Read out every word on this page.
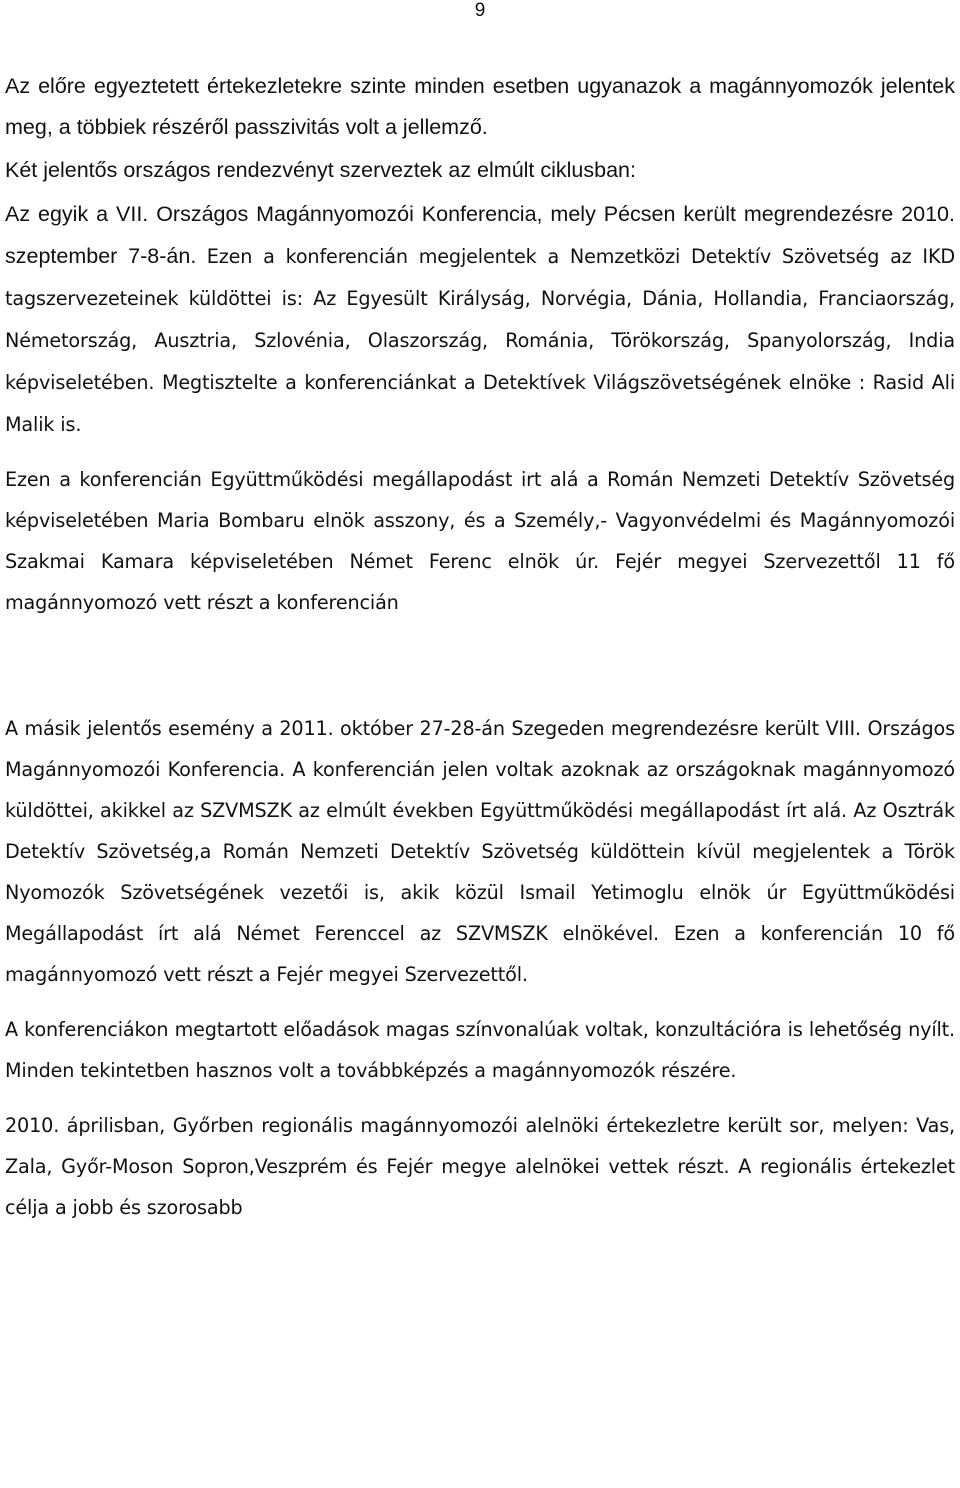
9

Az előre egyeztetett értekezletekre szinte minden esetben ugyanazok a magánnyomozók jelentek meg, a többiek részéről passzivitás volt a jellemző.

Két jelentős országos rendezvényt szerveztek az elmúlt ciklusban:

Az egyik a VII. Országos Magánnyomozói Konferencia, mely Pécsen került megrendezésre 2010. szeptember 7-8-án. Ezen a konferencián megjelentek a Nemzetközi Detektív Szövetség az IKD tagszervezeteinek küldöttei is: Az Egyesült Királyság, Norvégia, Dánia, Hollandia, Franciaország, Németország, Ausztria, Szlovénia, Olaszország, Románia, Törökország, Spanyolország, India képviseletében. Megtisztelte a konferenciánkat a Detektívek Világszövetségének elnöke : Rasid Ali Malik is.

Ezen a konferencián Együttműködési megállapodást irt alá a Román Nemzeti Detektív Szövetség képviseletében Maria Bombaru elnök asszony, és a Személy,- Vagyonvédelmi és Magánnyomozói Szakmai Kamara képviseletében Német Ferenc elnök úr. Fejér megyei Szervezettől 11 fő magánnyomozó vett részt a konferencián

A másik jelentős esemény a 2011. október 27-28-án Szegeden megrendezésre került VIII. Országos Magánnyomozói Konferencia. A konferencián jelen voltak azoknak az országoknak magánnyomozó küldöttei, akikkel az SZVMSZK az elmúlt években Együttműködési megállapodást írt alá. Az Osztrák Detektív Szövetség,a Román Nemzeti Detektív Szövetség küldöttein kívül megjelentek a Török Nyomozók Szövetségének vezetői is, akik közül Ismail Yetimoglu elnök úr Együttműködési Megállapodást írt alá Német Ferenccel az SZVMSZK elnökével. Ezen a konferencián 10 fő magánnyomozó vett részt a Fejér megyei Szervezettől.

A konferenciákon megtartott előadások magas színvonalúak voltak, konzultációra is lehetőség nyílt. Minden tekintetben hasznos volt a továbbképzés a magánnyomozók részére.

2010. áprilisban, Győrben regionális magánnyomozói alelnöki értekezletre került sor, melyen: Vas, Zala, Győr-Moson Sopron,Veszprém és Fejér megye alelnökei vettek részt. A regionális értekezlet célja a jobb és szorosabb
